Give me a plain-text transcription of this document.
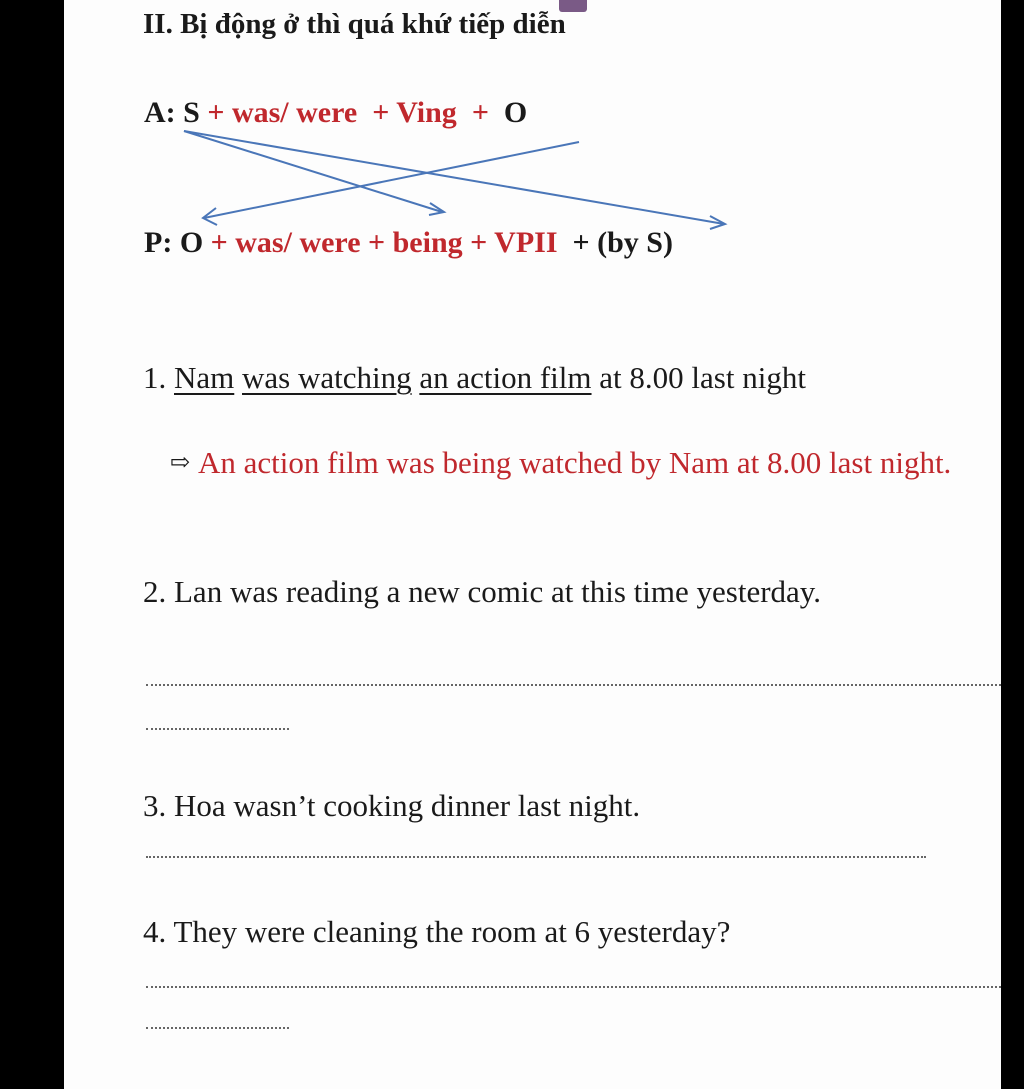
II. Bị động ở thì quá khứ tiếp diễn
A: S + was/ were + Ving + O
P: O + was/ were + being + VPII + (by S)
1. Nam was watching an action film at 8.00 last night
⇨ An action film was being watched by Nam at 8.00 last night.
2. Lan was reading a new comic at this time yesterday.
3. Hoa wasn’t cooking dinner last night.
4. They were cleaning the room at 6 yesterday?
